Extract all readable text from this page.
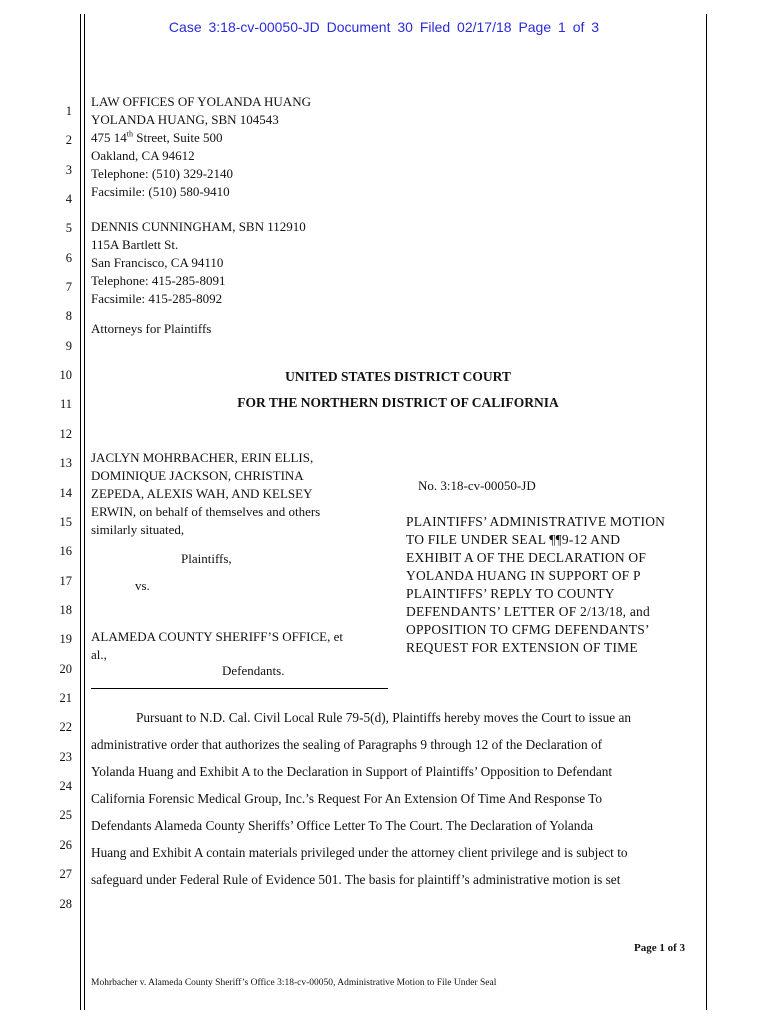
Case 3:18-cv-00050-JD Document 30 Filed 02/17/18 Page 1 of 3
1
2
3
4
5
6
7
8
9
10
11
12
13
14
15
16
17
18
19
20
21
22
23
24
25
26
27
28
LAW OFFICES OF YOLANDA HUANG
YOLANDA HUANG, SBN 104543
475 14th Street, Suite 500
Oakland, CA 94612
Telephone: (510) 329-2140
Facsimile: (510) 580-9410
DENNIS CUNNINGHAM, SBN 112910
115A Bartlett St.
San Francisco, CA 94110
Telephone: 415-285-8091
Facsimile: 415-285-8092
Attorneys for Plaintiffs
UNITED STATES DISTRICT COURT
FOR THE NORTHERN DISTRICT OF CALIFORNIA
JACLYN MOHRBACHER, ERIN ELLIS,
DOMINIQUE JACKSON, CHRISTINA
ZEPEDA, ALEXIS WAH, AND KELSEY
ERWIN, on behalf of themselves and others
similarly situated,
Plaintiffs,
vs.
ALAMEDA COUNTY SHERIFF’S OFFICE, et
al.,
Defendants.
No. 3:18-cv-00050-JD
PLAINTIFFS’ ADMINISTRATIVE MOTION
TO FILE UNDER SEAL ¶¶9-12 AND
EXHIBIT A OF THE DECLARATION OF
YOLANDA HUANG IN SUPPORT OF P
PLAINTIFFS’ REPLY TO COUNTY
DEFENDANTS’ LETTER OF 2/13/18, and
OPPOSITION TO CFMG DEFENDANTS’
REQUEST FOR EXTENSION OF TIME
Pursuant to N.D. Cal. Civil Local Rule 79-5(d), Plaintiffs hereby moves the Court to issue an
administrative order that authorizes the sealing of Paragraphs 9 through 12 of the Declaration of
Yolanda Huang and Exhibit A to the Declaration in Support of Plaintiffs’ Opposition to Defendant
California Forensic Medical Group, Inc.’s Request For An Extension Of Time And Response To
Defendants Alameda County Sheriffs’ Office Letter To The Court. The Declaration of Yolanda
Huang and Exhibit A contain materials privileged under the attorney client privilege and is subject to
safeguard under Federal Rule of Evidence 501. The basis for plaintiff’s administrative motion is set
Page 1 of 3
Mohrbacher v. Alameda County Sheriff’s Office 3:18-cv-00050, Administrative Motion to File Under Seal
